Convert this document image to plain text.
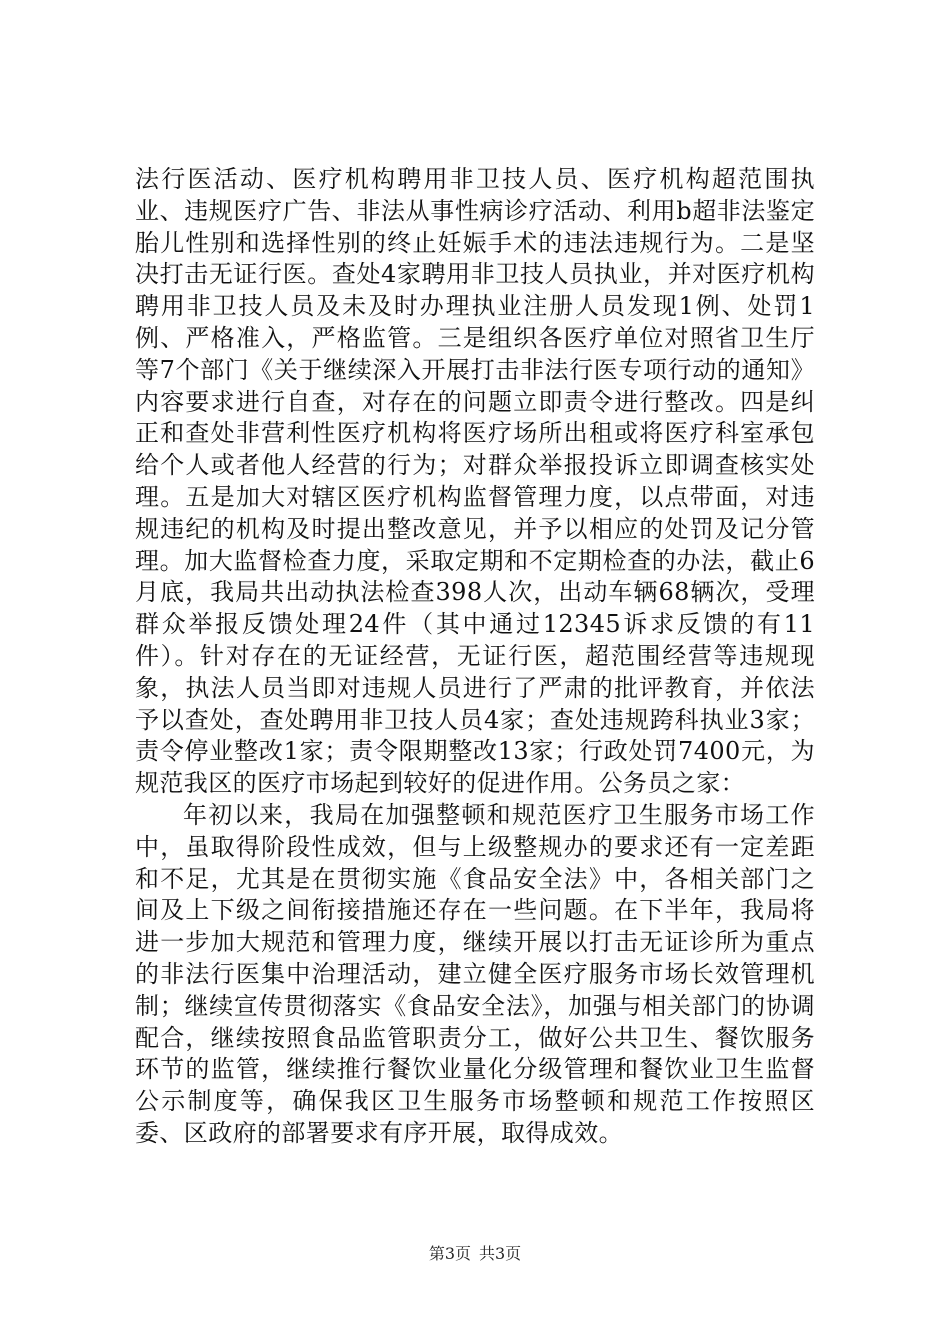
法行医活动、医疗机构聘用非卫技人员、医疗机构超范围执业、违规医疗广告、非法从事性病诊疗活动、利用b超非法鉴定胎儿性别和选择性别的终止妊娠手术的违法违规行为。二是坚决打击无证行医。查处4家聘用非卫技人员执业，并对医疗机构聘用非卫技人员及未及时办理执业注册人员发现1例、处罚1例、严格准入，严格监管。三是组织各医疗单位对照省卫生厅等7个部门《关于继续深入开展打击非法行医专项行动的通知》内容要求进行自查，对存在的问题立即责令进行整改。四是纠正和查处非营利性医疗机构将医疗场所出租或将医疗科室承包给个人或者他人经营的行为；对群众举报投诉立即调查核实处理。五是加大对辖区医疗机构监督管理力度，以点带面，对违规违纪的机构及时提出整改意见，并予以相应的处罚及记分管理。加大监督检查力度，采取定期和不定期检查的办法，截止6月底，我局共出动执法检查398人次，出动车辆68辆次，受理群众举报反馈处理24件（其中通过12345诉求反馈的有11件）。针对存在的无证经营，无证行医，超范围经营等违规现象，执法人员当即对违规人员进行了严肃的批评教育，并依法予以查处，查处聘用非卫技人员4家；查处违规跨科执业3家；责令停业整改1家；责令限期整改13家；行政处罚7400元，为规范我区的医疗市场起到较好的促进作用。公务员之家：

年初以来，我局在加强整顿和规范医疗卫生服务市场工作中，虽取得阶段性成效，但与上级整规办的要求还有一定差距和不足，尤其是在贯彻实施《食品安全法》中，各相关部门之间及上下级之间衔接措施还存在一些问题。在下半年，我局将进一步加大规范和管理力度，继续开展以打击无证诊所为重点的非法行医集中治理活动，建立健全医疗服务市场长效管理机制；继续宣传贯彻落实《食品安全法》，加强与相关部门的协调配合，继续按照食品监管职责分工，做好公共卫生、餐饮服务环节的监管，继续推行餐饮业量化分级管理和餐饮业卫生监督公示制度等，确保我区卫生服务市场整顿和规范工作按照区委、区政府的部署要求有序开展，取得成效。

第3页 共3页
